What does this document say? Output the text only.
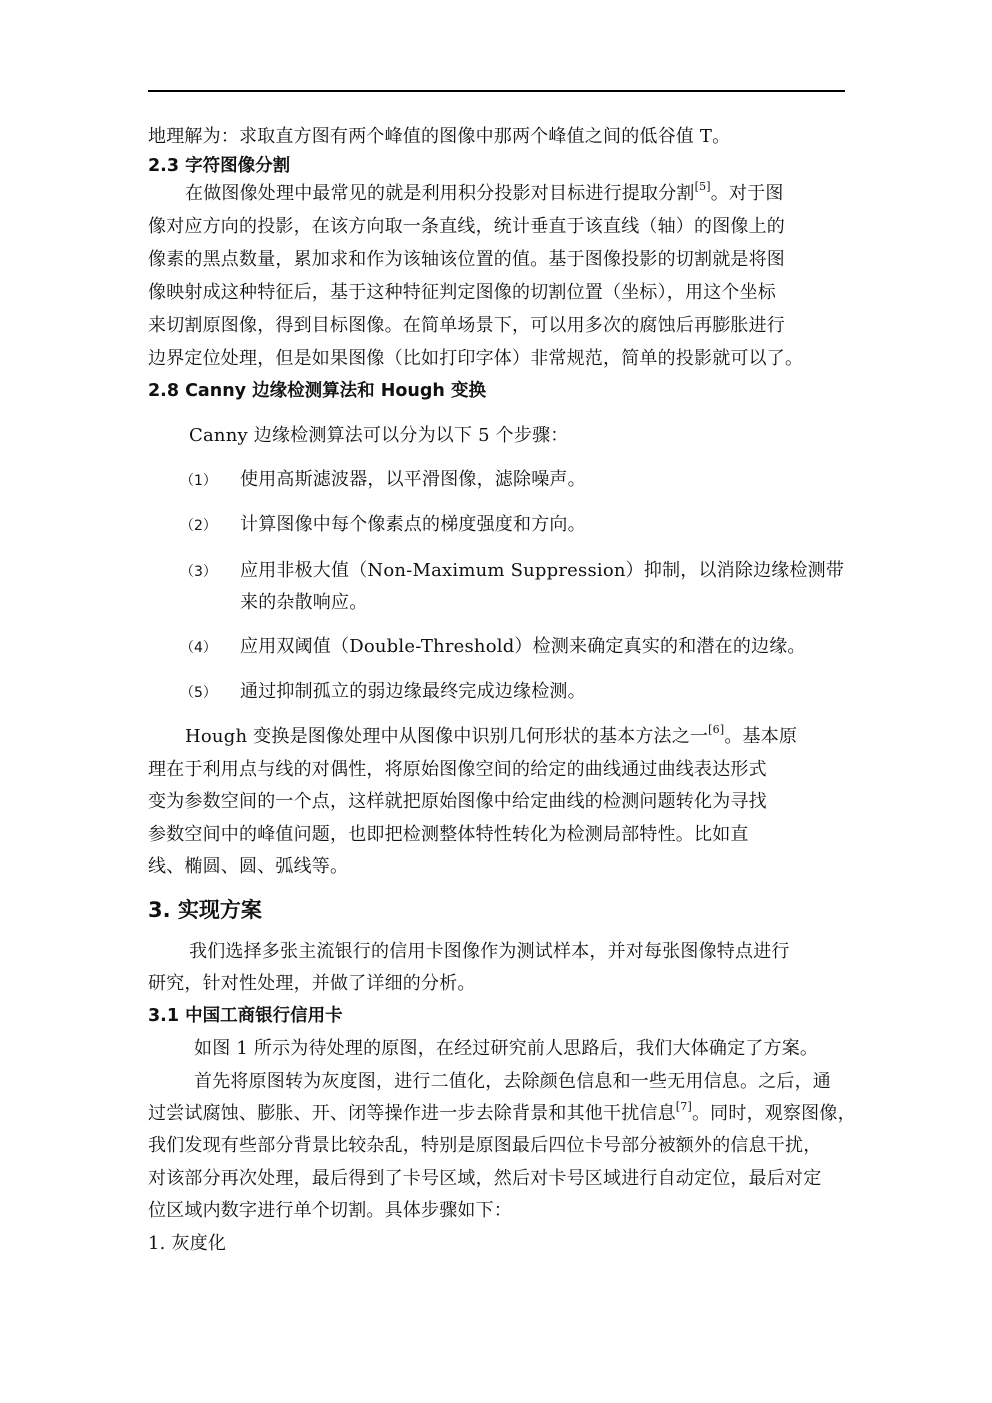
地理解为：求取直方图有两个峰值的图像中那两个峰值之间的低谷值 T。
2.3 字符图像分割
在做图像处理中最常见的就是利用积分投影对目标进行提取分割[5]。对于图
像对应方向的投影，在该方向取一条直线，统计垂直于该直线（轴）的图像上的
像素的黑点数量，累加求和作为该轴该位置的值。基于图像投影的切割就是将图
像映射成这种特征后，基于这种特征判定图像的切割位置（坐标），用这个坐标
来切割原图像，得到目标图像。在简单场景下，可以用多次的腐蚀后再膨胀进行
边界定位处理，但是如果图像（比如打印字体）非常规范，简单的投影就可以了。
2.8 Canny 边缘检测算法和 Hough 变换
Canny 边缘检测算法可以分为以下 5 个步骤：
（1） 使用高斯滤波器，以平滑图像，滤除噪声。
（2） 计算图像中每个像素点的梯度强度和方向。
（3） 应用非极大值（Non-Maximum Suppression）抑制，以消除边缘检测带
来的杂散响应。
（4） 应用双阈值（Double-Threshold）检测来确定真实的和潜在的边缘。
（5） 通过抑制孤立的弱边缘最终完成边缘检测。
Hough 变换是图像处理中从图像中识别几何形状的基本方法之一[6]。基本原
理在于利用点与线的对偶性，将原始图像空间的给定的曲线通过曲线表达形式
变为参数空间的一个点，这样就把原始图像中给定曲线的检测问题转化为寻找
参数空间中的峰值问题，也即把检测整体特性转化为检测局部特性。比如直
线、椭圆、圆、弧线等。
3. 实现方案
我们选择多张主流银行的信用卡图像作为测试样本，并对每张图像特点进行
研究，针对性处理，并做了详细的分析。
3.1 中国工商银行信用卡
如图 1 所示为待处理的原图，在经过研究前人思路后，我们大体确定了方案。
首先将原图转为灰度图，进行二值化，去除颜色信息和一些无用信息。之后，通
过尝试腐蚀、膨胀、开、闭等操作进一步去除背景和其他干扰信息[7]。同时，观察图像，
我们发现有些部分背景比较杂乱，特别是原图最后四位卡号部分被额外的信息干扰，
对该部分再次处理，最后得到了卡号区域，然后对卡号区域进行自动定位，最后对定
位区域内数字进行单个切割。具体步骤如下：
1. 灰度化
